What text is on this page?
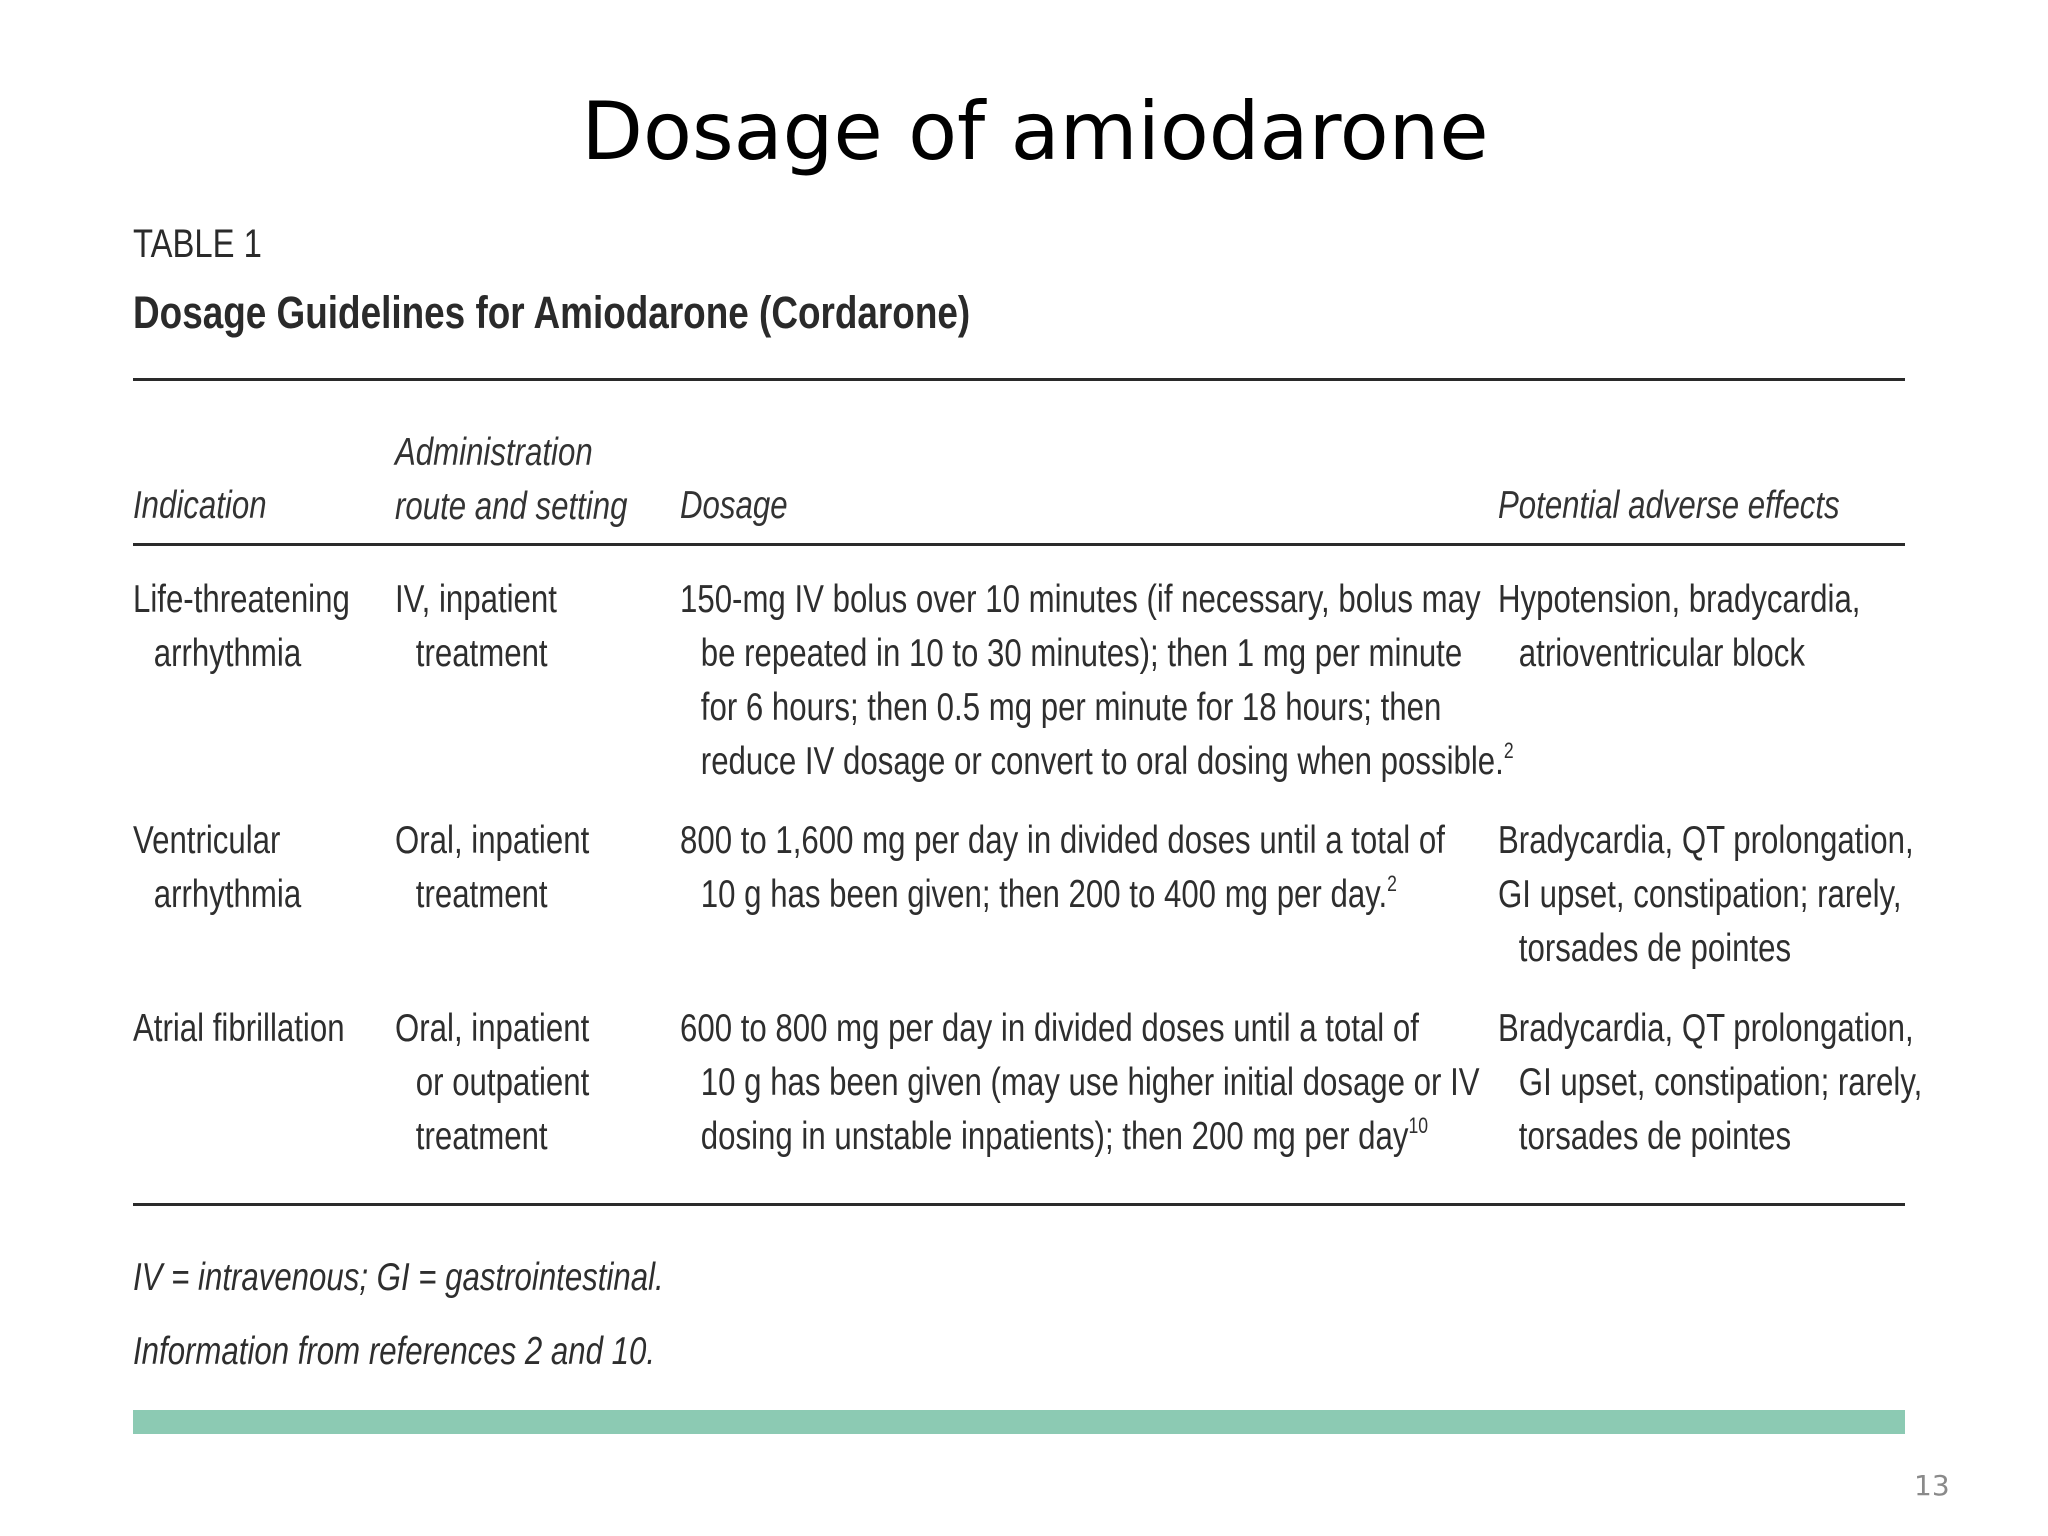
Dosage of amiodarone
TABLE 1
Dosage Guidelines for Amiodarone (Cordarone)
Indication
Administration
route and setting Dosage	Potential adverse effects
Life-threatening
arrhythmia
IV, inpatient
treatment
150-mg IV bolus over 10 minutes (if necessary, bolus may
be repeated in 10 to 30 minutes); then 1 mg per minute
for 6 hours; then 0.5 mg per minute for 18 hours; then
reduce IV dosage or convert to oral dosing when possible.$^2$
Hypotension, bradycardia,
atrioventricular block
Ventricular
arrhythmia
Oral, inpatient
treatment
800 to 1,600 mg per day in divided doses until a total of
10 g has been given; then 200 to 400 mg per day.$^2$
Bradycardia, QT prolongation,
GI upset, constipation; rarely,
torsades de pointes
Atrial fibrillation Oral, inpatient
or outpatient
treatment
600 to 800 mg per day in divided doses until a total of
10 g has been given (may use higher initial dosage or IV
dosing in unstable inpatients); then 200 mg per day$^{10}$
Bradycardia, QT prolongation,
GI upset, constipation; rarely,
torsades de pointes
IV = intravenous; GI = gastrointestinal.
Information from references 2 and 10.
13
